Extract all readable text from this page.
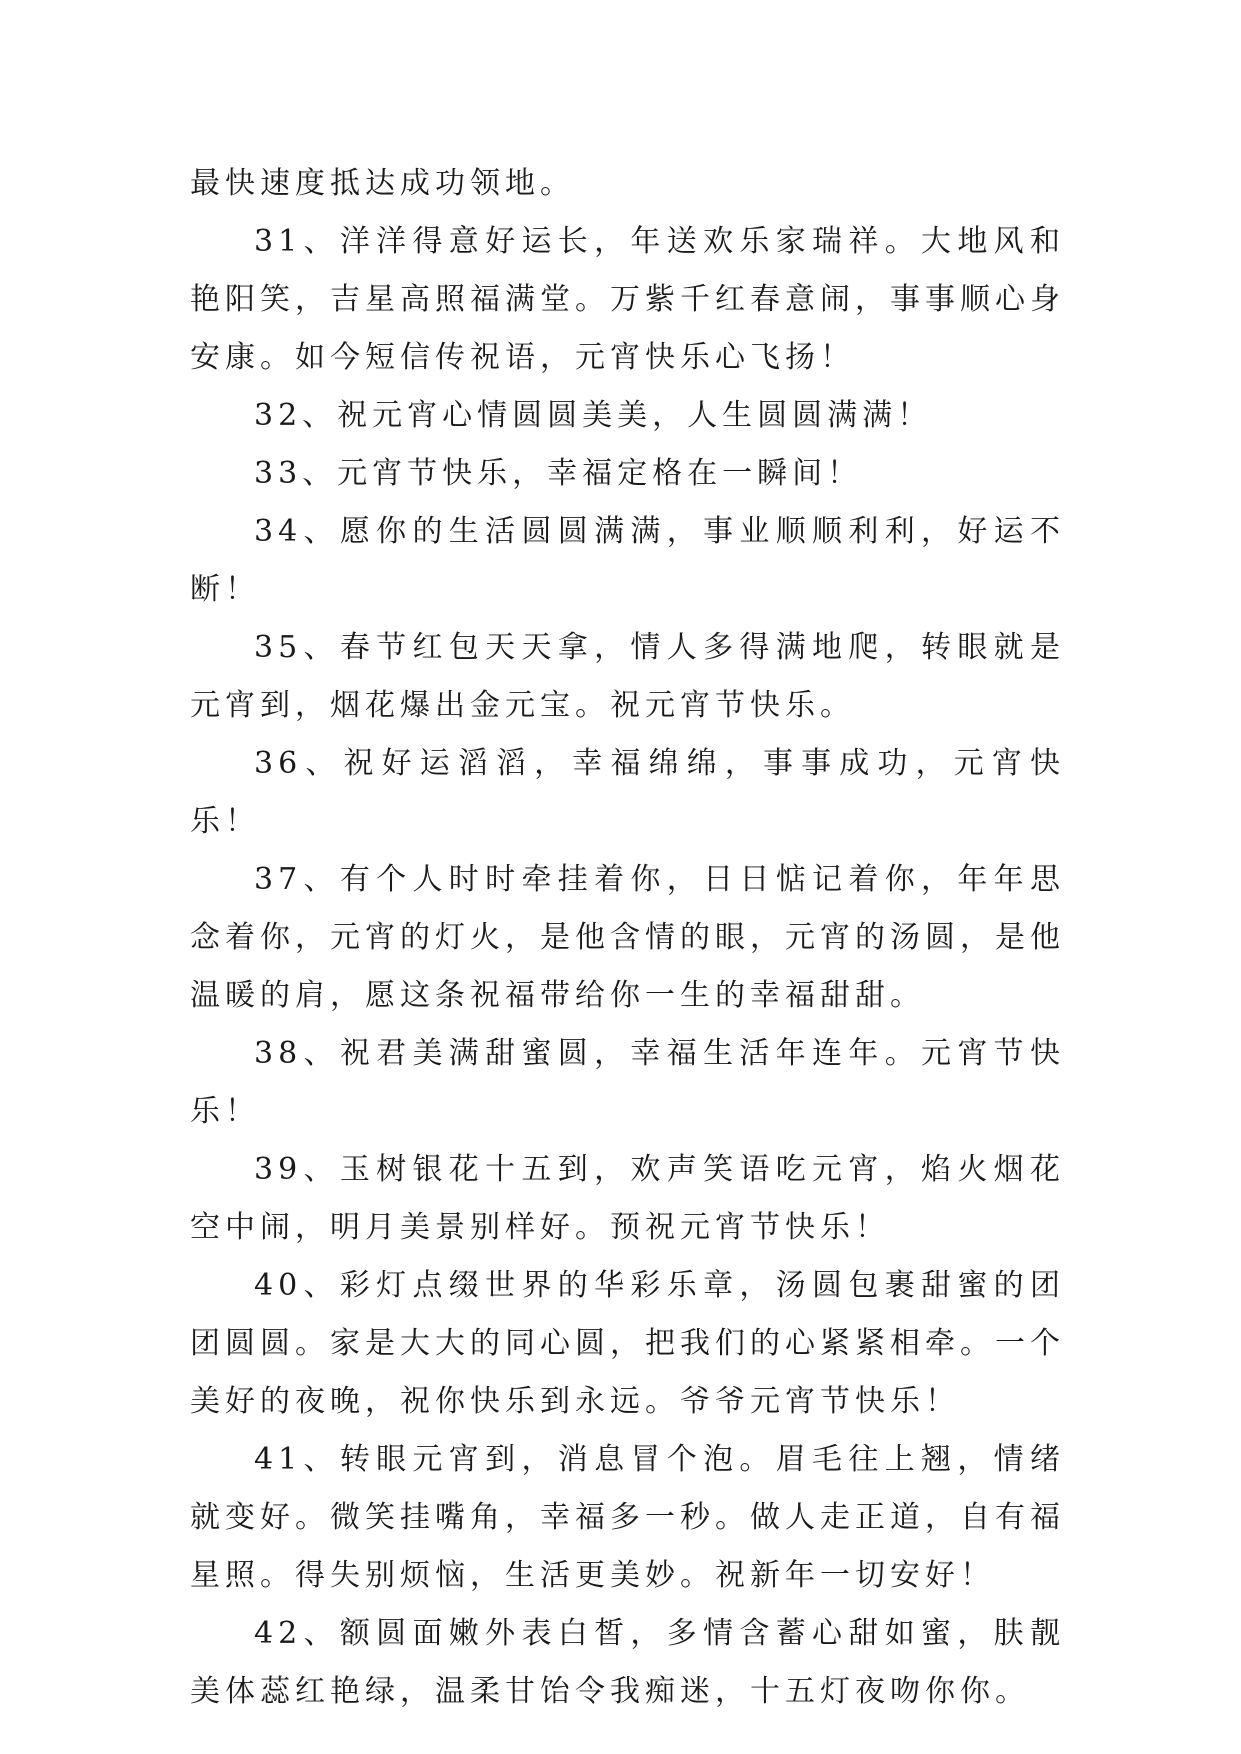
最快速度抵达成功领地。

31、洋洋得意好运长，年送欢乐家瑞祥。大地风和艳阳笑，吉星高照福满堂。万紫千红春意闹，事事顺心身安康。如今短信传祝语，元宵快乐心飞扬！

32、祝元宵心情圆圆美美，人生圆圆满满！

33、元宵节快乐，幸福定格在一瞬间！

34、愿你的生活圆圆满满，事业顺顺利利，好运不断！

35、春节红包天天拿，情人多得满地爬，转眼就是元宵到，烟花爆出金元宝。祝元宵节快乐。

36、祝好运滔滔，幸福绵绵，事事成功，元宵快乐！

37、有个人时时牵挂着你，日日惦记着你，年年思念着你，元宵的灯火，是他含情的眼，元宵的汤圆，是他温暖的肩，愿这条祝福带给你一生的幸福甜甜。

38、祝君美满甜蜜圆，幸福生活年连年。元宵节快乐！

39、玉树银花十五到，欢声笑语吃元宵，焰火烟花空中闹，明月美景别样好。预祝元宵节快乐！

40、彩灯点缀世界的华彩乐章，汤圆包裹甜蜜的团团圆圆。家是大大的同心圆，把我们的心紧紧相牵。一个美好的夜晚，祝你快乐到永远。爷爷元宵节快乐！

41、转眼元宵到，消息冒个泡。眉毛往上翘，情绪就变好。微笑挂嘴角，幸福多一秒。做人走正道，自有福星照。得失别烦恼，生活更美妙。祝新年一切安好！

42、额圆面嫩外表白皙，多情含蓄心甜如蜜，肤靓美体蕊红艳绿，温柔甘饴令我痴迷，十五灯夜吻你你。
